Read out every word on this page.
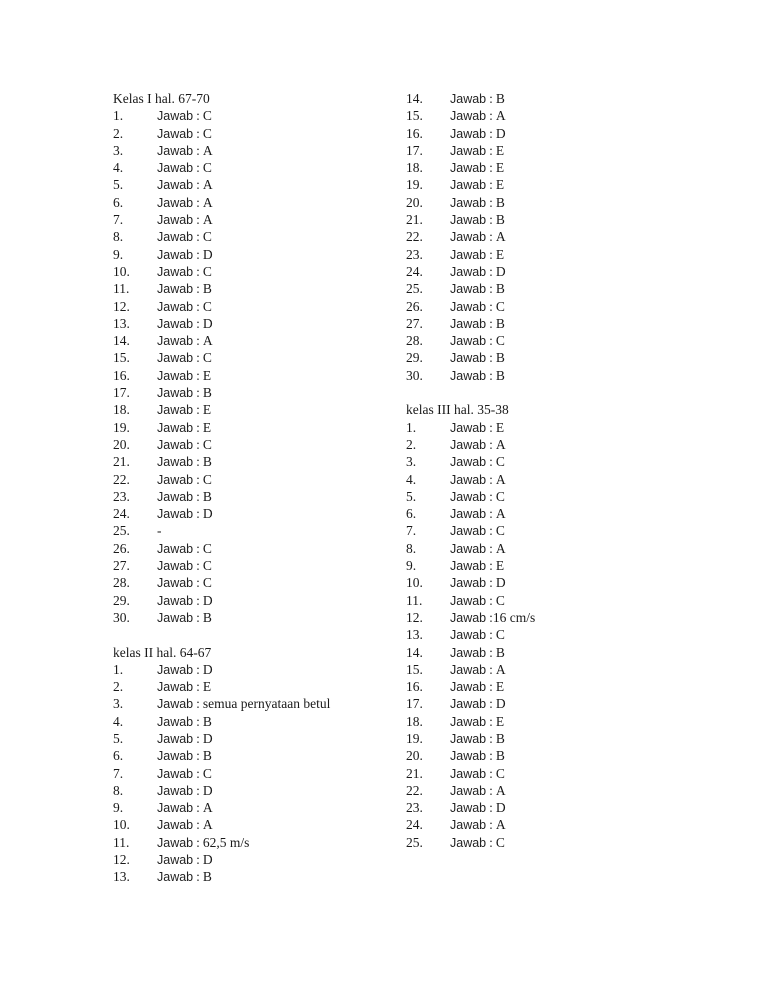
Kelas I hal. 67-70
1.	Jawab : C
2.	Jawab : C
3.	Jawab : A
4.	Jawab : C
5.	Jawab : A
6.	Jawab : A
7.	Jawab : A
8.	Jawab : C
9.	Jawab : D
10. Jawab : C
11. Jawab : B
12. Jawab : C
13. Jawab : D
14. Jawab : A
15. Jawab : C
16. Jawab : E
17. Jawab : B
18. Jawab : E
19. Jawab : E
20. Jawab : C
21. Jawab : B
22. Jawab : C
23. Jawab : B
24. Jawab : D
25. -
26. Jawab : C
27. Jawab : C
28. Jawab : C
29. Jawab : D
30. Jawab : B
kelas II hal. 64-67
1.	Jawab : D
2.	Jawab : E
3.	Jawab : semua pernyataan betul
4.	Jawab : B
5.	Jawab : D
6.	Jawab : B
7.	Jawab : C
8.	Jawab : D
9.	Jawab : A
10. Jawab : A
11. Jawab : 62,5 m/s
12. Jawab : D
13. Jawab : B
14. Jawab : B
15. Jawab : A
16. Jawab : D
17. Jawab : E
18. Jawab : E
19. Jawab : E
20. Jawab : B
21. Jawab : B
22. Jawab : A
23. Jawab : E
24. Jawab : D
25. Jawab : B
26. Jawab : C
27. Jawab : B
28. Jawab : C
29. Jawab : B
30. Jawab : B
kelas III hal. 35-38
1.	Jawab : E
2.	Jawab : A
3.	Jawab : C
4.	Jawab : A
5.	Jawab : C
6.	Jawab : A
7.	Jawab : C
8.	Jawab : A
9.	Jawab : E
10. Jawab : D
11. Jawab : C
12. Jawab :16 cm/s
13. Jawab : C
14. Jawab : B
15. Jawab : A
16. Jawab : E
17. Jawab : D
18. Jawab : E
19. Jawab : B
20. Jawab : B
21. Jawab : C
22. Jawab : A
23. Jawab : D
24. Jawab : A
25. Jawab : C
